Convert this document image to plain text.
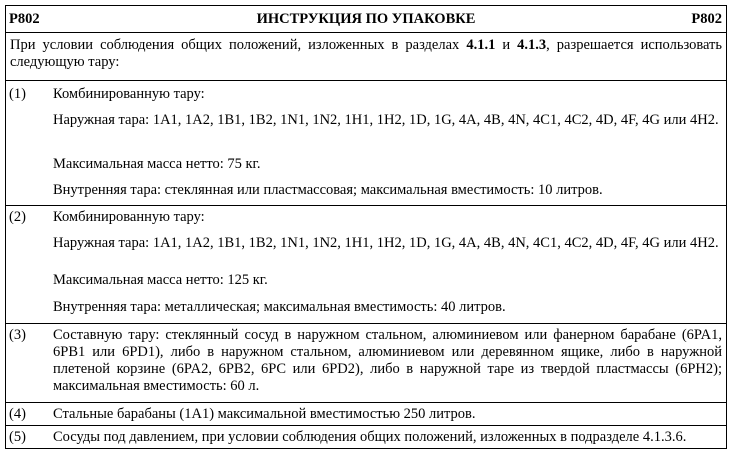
P802	ИНСТРУКЦИЯ ПО УПАКОВКЕ	P802
При условии соблюдения общих положений, изложенных в разделах 4.1.1 и 4.1.3, разрешается использовать следующую тару:
(1) Комбинированную тару:
Наружная тара: 1A1, 1A2, 1B1, 1B2, 1N1, 1N2, 1H1, 1H2, 1D, 1G, 4A, 4B, 4N, 4C1, 4C2, 4D, 4F, 4G или 4H2.
Максимальная масса нетто: 75 кг.
Внутренняя тара: стеклянная или пластмассовая; максимальная вместимость: 10 литров.
(2) Комбинированную тару:
Наружная тара: 1A1, 1A2, 1B1, 1B2, 1N1, 1N2, 1H1, 1H2, 1D, 1G, 4A, 4B, 4N, 4C1, 4C2, 4D, 4F, 4G или 4H2.
Максимальная масса нетто: 125 кг.
Внутренняя тара: металлическая; максимальная вместимость: 40 литров.
(3) Составную тару: стеклянный сосуд в наружном стальном, алюминиевом или фанерном барабане (6PA1, 6PB1 или 6PD1), либо в наружном стальном, алюминиевом или деревянном ящике, либо в наружной плетеной корзине (6PA2, 6PB2, 6PC или 6PD2), либо в наружной таре из твердой пластмассы (6PH2); максимальная вместимость: 60 л.
(4) Стальные барабаны (1A1) максимальной вместимостью 250 литров.
(5) Сосуды под давлением, при условии соблюдения общих положений, изложенных в подразделе 4.1.3.6.
